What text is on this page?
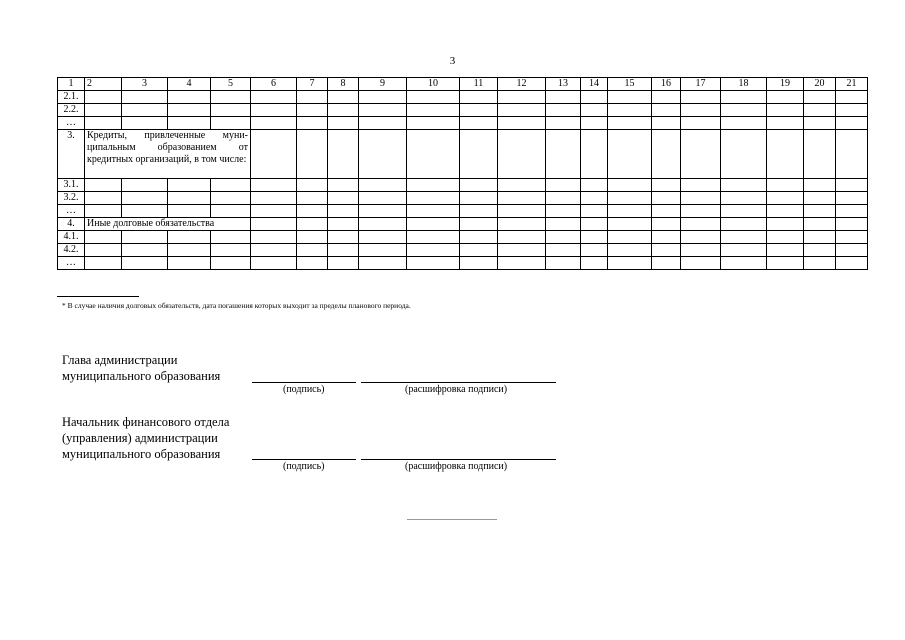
3
1	2	3	4	5	6	7	8	9	10	11	12	13	14	15	16	17	18	19	20	21
2.1.																				
2.2.																				
…																				
3.	Кредиты, привлеченные муни-ципальным образованием от кредитных организаций, в том числе:																			
3.1.																				
3.2.																				
…																				
4.	Иные долговые обязательства																			
4.1.																				
4.2.																				
…																				
* В случае наличия долговых обязательств, дата погашения которых выходит за пределы планового периода.
Глава администрации
муниципального образования
(подпись)	(расшифровка подписи)
Начальник финансового отдела
(управления) администрации
муниципального образования
(подпись)	(расшифровка подписи)
